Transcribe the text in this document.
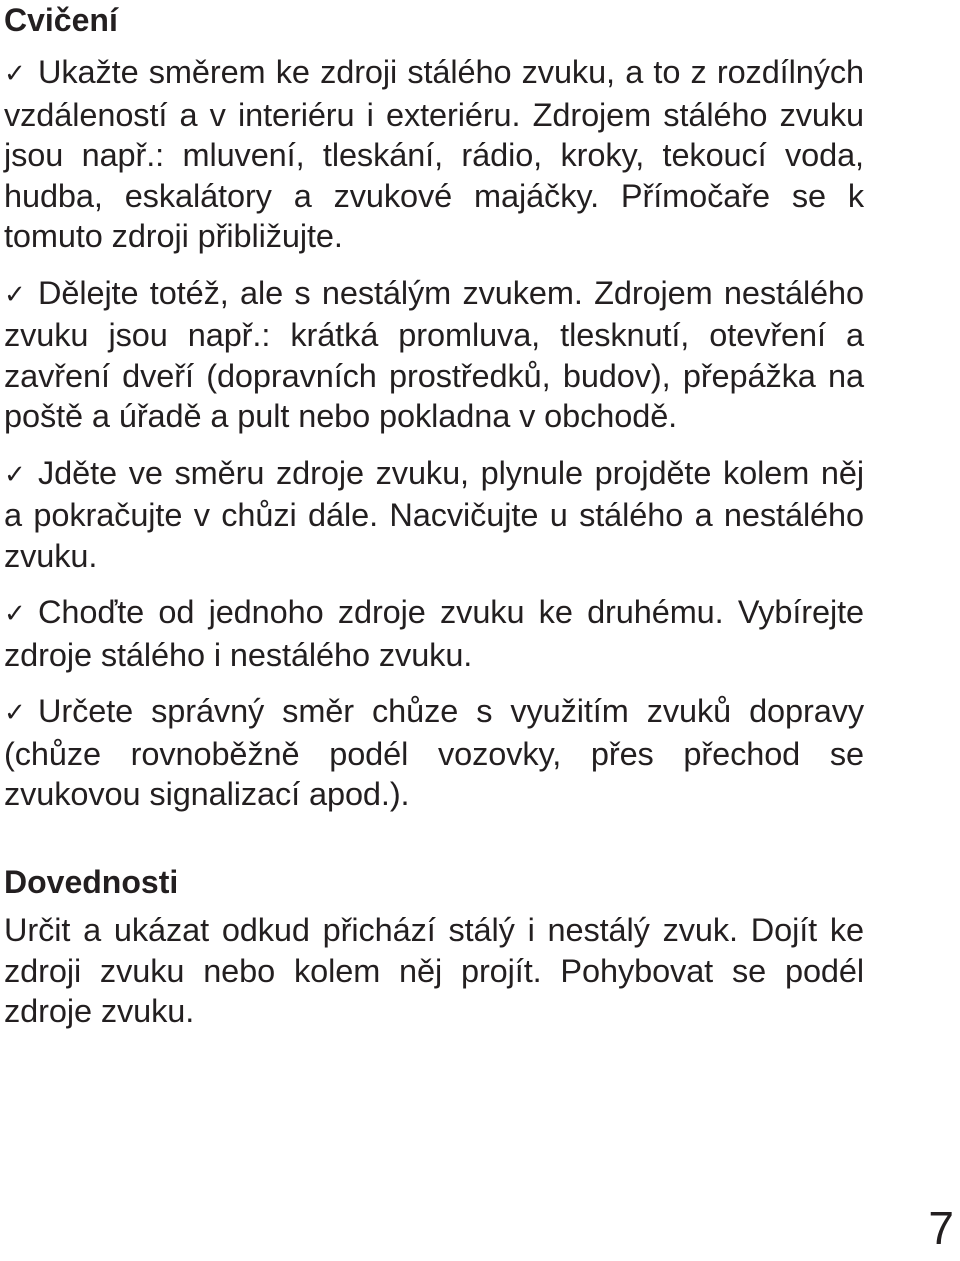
Cvičení

✓ Ukažte směrem ke zdroji stálého zvuku, a to z rozdílných vzdáleností a v interiéru i exteriéru. Zdrojem stálého zvuku jsou např.: mluvení, tleskání, rádio, kroky, tekoucí voda, hudba, eskalátory a zvukové majáčky. Přímočaře se k tomuto zdroji přibližujte.

✓ Dělejte totéž, ale s nestálým zvukem. Zdrojem nestálého zvuku jsou např.: krátká promluva, tlesknutí, otevření a zavření dveří (dopravních prostředků, budov), přepážka na poště a úřadě a pult nebo pokladna v obchodě.

✓ Jděte ve směru zdroje zvuku, plynule projděte kolem něj a pokračujte v chůzi dále. Nacvičujte u stálého a nestálého zvuku.

✓ Choďte od jednoho zdroje zvuku ke druhému. Vybírejte zdroje stálého i nestálého zvuku.

✓ Určete správný směr chůze s využitím zvuků dopravy (chůze rovnoběžně podél vozovky, přes přechod se zvukovou signalizací apod.).

Dovednosti

Určit a ukázat odkud přichází stálý i nestálý zvuk. Dojít ke zdroji zvuku nebo kolem něj projít. Pohybovat se podél zdroje zvuku.

7
